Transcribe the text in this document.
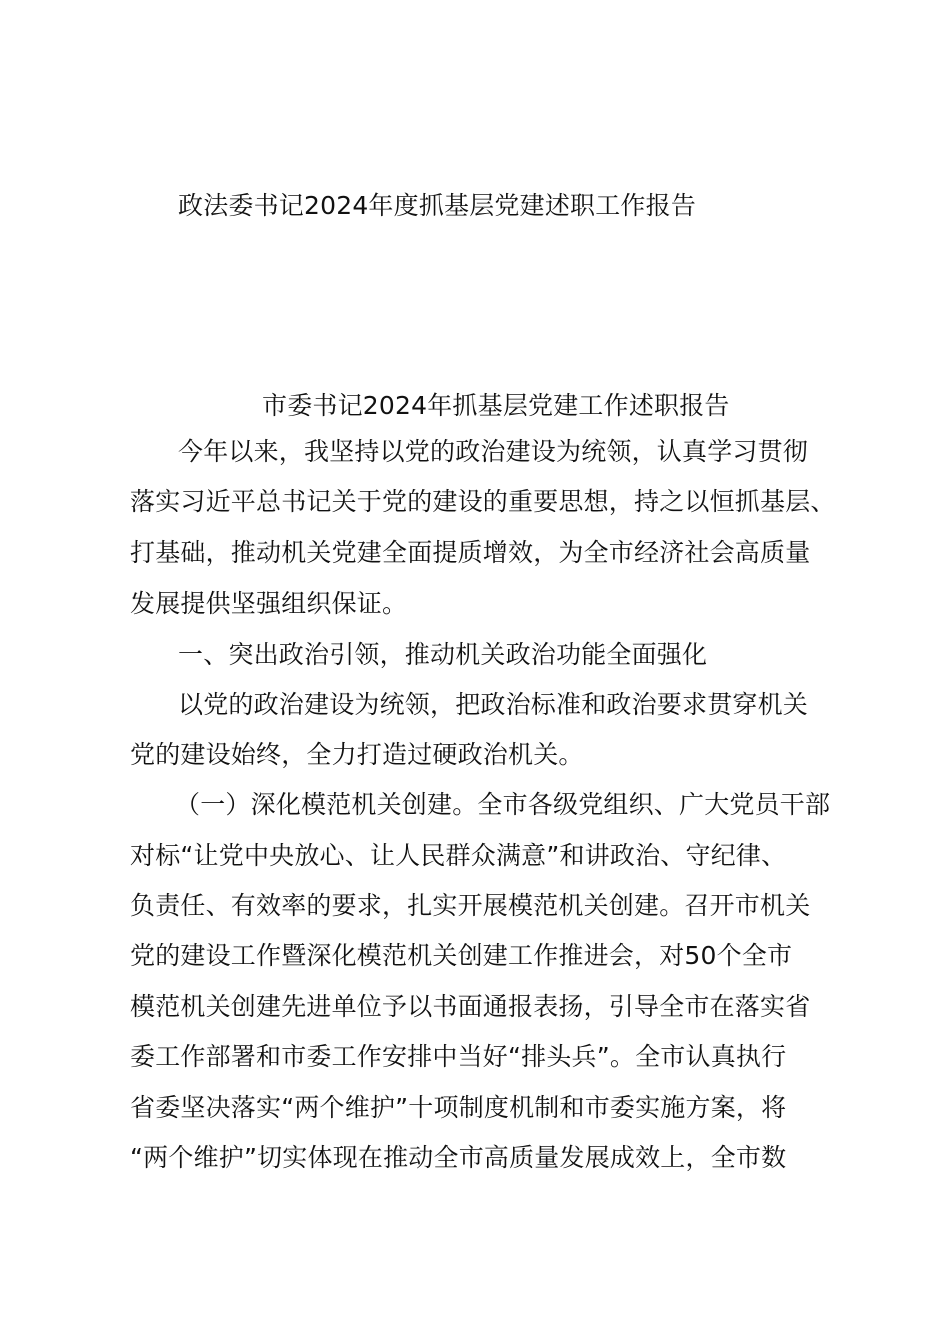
政法委书记2024年度抓基层党建述职工作报告
市委书记2024年抓基层党建工作述职报告
今年以来，我坚持以党的政治建设为统领，认真学习贯彻
落实习近平总书记关于党的建设的重要思想，持之以恒抓基层、
打基础，推动机关党建全面提质增效，为全市经济社会高质量
发展提供坚强组织保证。
一、突出政治引领，推动机关政治功能全面强化
以党的政治建设为统领，把政治标准和政治要求贯穿机关
党的建设始终，全力打造过硬政治机关。
（一）深化模范机关创建。全市各级党组织、广大党员干部
对标“让党中央放心、让人民群众满意”和讲政治、守纪律、
负责任、有效率的要求，扎实开展模范机关创建。召开市机关
党的建设工作暨深化模范机关创建工作推进会，对50个全市
模范机关创建先进单位予以书面通报表扬，引导全市在落实省
委工作部署和市委工作安排中当好“排头兵”。全市认真执行
省委坚决落实“两个维护”十项制度机制和市委实施方案，将
“两个维护”切实体现在推动全市高质量发展成效上，全市数
